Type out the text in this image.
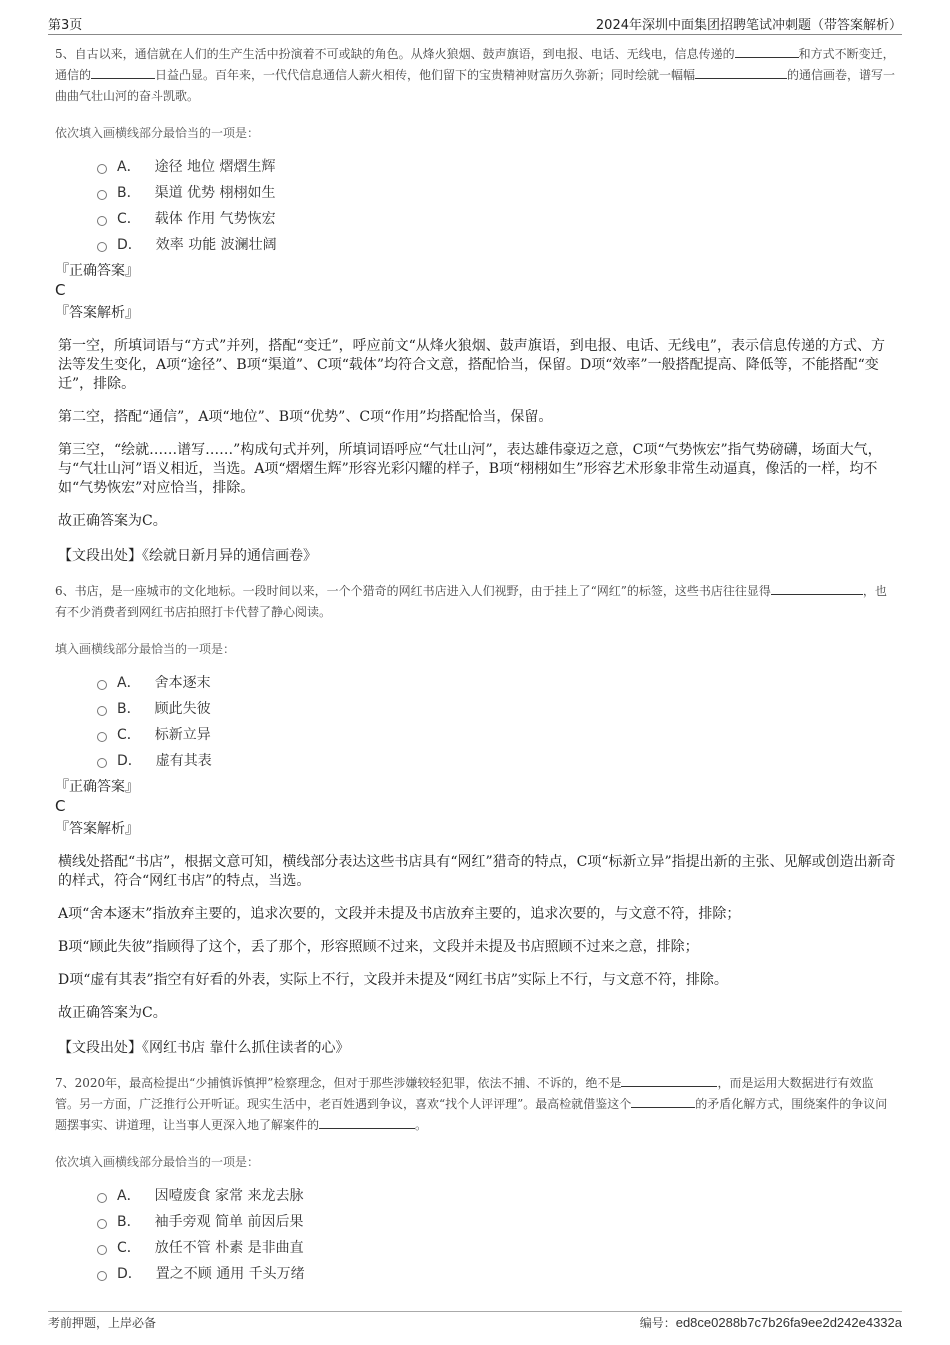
第3页	2024年深圳中面集团招聘笔试冲刺题（带答案解析）
5、自古以来，通信就在人们的生产生活中扮演着不可或缺的角色。从烽火狼烟、鼓声旗语，到电报、电话、无线电，信息传递的	和方式不断变迁，通信的	日益凸显。百年来，一代代信息通信人薪火相传，他们留下的宝贵精神财富历久弥新；同时绘就一幅幅	的通信画卷，谱写一曲曲气壮山河的奋斗凯歌。
依次填入画横线部分最恰当的一项是：
A． 途径 地位 熠熠生辉
B． 渠道 优势 栩栩如生
C． 载体 作用 气势恢宏
D． 效率 功能 波澜壮阔
『正确答案』
C
『答案解析』
第一空，所填词语与“方式”并列，搭配“变迁”，呼应前文“从烽火狼烟、鼓声旗语，到电报、电话、无线电”，表示信息传递的方式、方法等发生变化，A项“途径”、B项“渠道”、C项“载体”均符合文意，搭配恰当，保留。D项“效率”一般搭配提高、降低等，不能搭配“变迁”，排除。
第二空，搭配“通信”，A项“地位”、B项“优势”、C项“作用”均搭配恰当，保留。
第三空，“绘就……谱写……”构成句式并列，所填词语呼应“气壮山河”，表达雄伟豪迈之意，C项“气势恢宏”指气势磅礴，场面大气，与“气壮山河”语义相近，当选。A项“熠熠生辉”形容光彩闪耀的样子，B项“栩栩如生”形容艺术形象非常生动逼真，像活的一样，均不如“气势恢宏”对应恰当，排除。
故正确答案为C。
【文段出处】《绘就日新月异的通信画卷》
6、书店，是一座城市的文化地标。一段时间以来，一个个猎奇的网红书店进入人们视野，由于挂上了“网红”的标签，这些书店往往显得	，也有不少消费者到网红书店拍照打卡代替了静心阅读。
填入画横线部分最恰当的一项是：
A． 舍本逐末
B． 顾此失彼
C． 标新立异
D． 虚有其表
『正确答案』
C
『答案解析』
横线处搭配“书店”，根据文意可知，横线部分表达这些书店具有“网红”猎奇的特点，C项“标新立异”指提出新的主张、见解或创造出新奇的样式，符合“网红书店”的特点，当选。
A项“舍本逐末”指放弃主要的，追求次要的，文段并未提及书店放弃主要的，追求次要的，与文意不符，排除；
B项“顾此失彼”指顾得了这个，丢了那个，形容照顾不过来，文段并未提及书店照顾不过来之意，排除；
D项“虚有其表”指空有好看的外表，实际上不行，文段并未提及“网红书店”实际上不行，与文意不符，排除。
故正确答案为C。
【文段出处】《网红书店 靠什么抓住读者的心》
7、2020年，最高检提出“少捕慎诉慎押”检察理念，但对于那些涉嫌较轻犯罪，依法不捕、不诉的，绝不是	，而是运用大数据进行有效监管。另一方面，广泛推行公开听证。现实生活中，老百姓遇到争议，喜欢“找个人评评理”。最高检就借鉴这个	的矛盾化解方式，围绕案件的争议问题摆事实、讲道理，让当事人更深入地了解案件的	。
依次填入画横线部分最恰当的一项是：
A． 因噎废食 家常 来龙去脉
B． 袖手旁观 简单 前因后果
C． 放任不管 朴素 是非曲直
D． 置之不顾 通用 千头万绪
考前押题，上岸必备	编号：ed8ce0288b7c7b26fa9ee2d242e4332a
